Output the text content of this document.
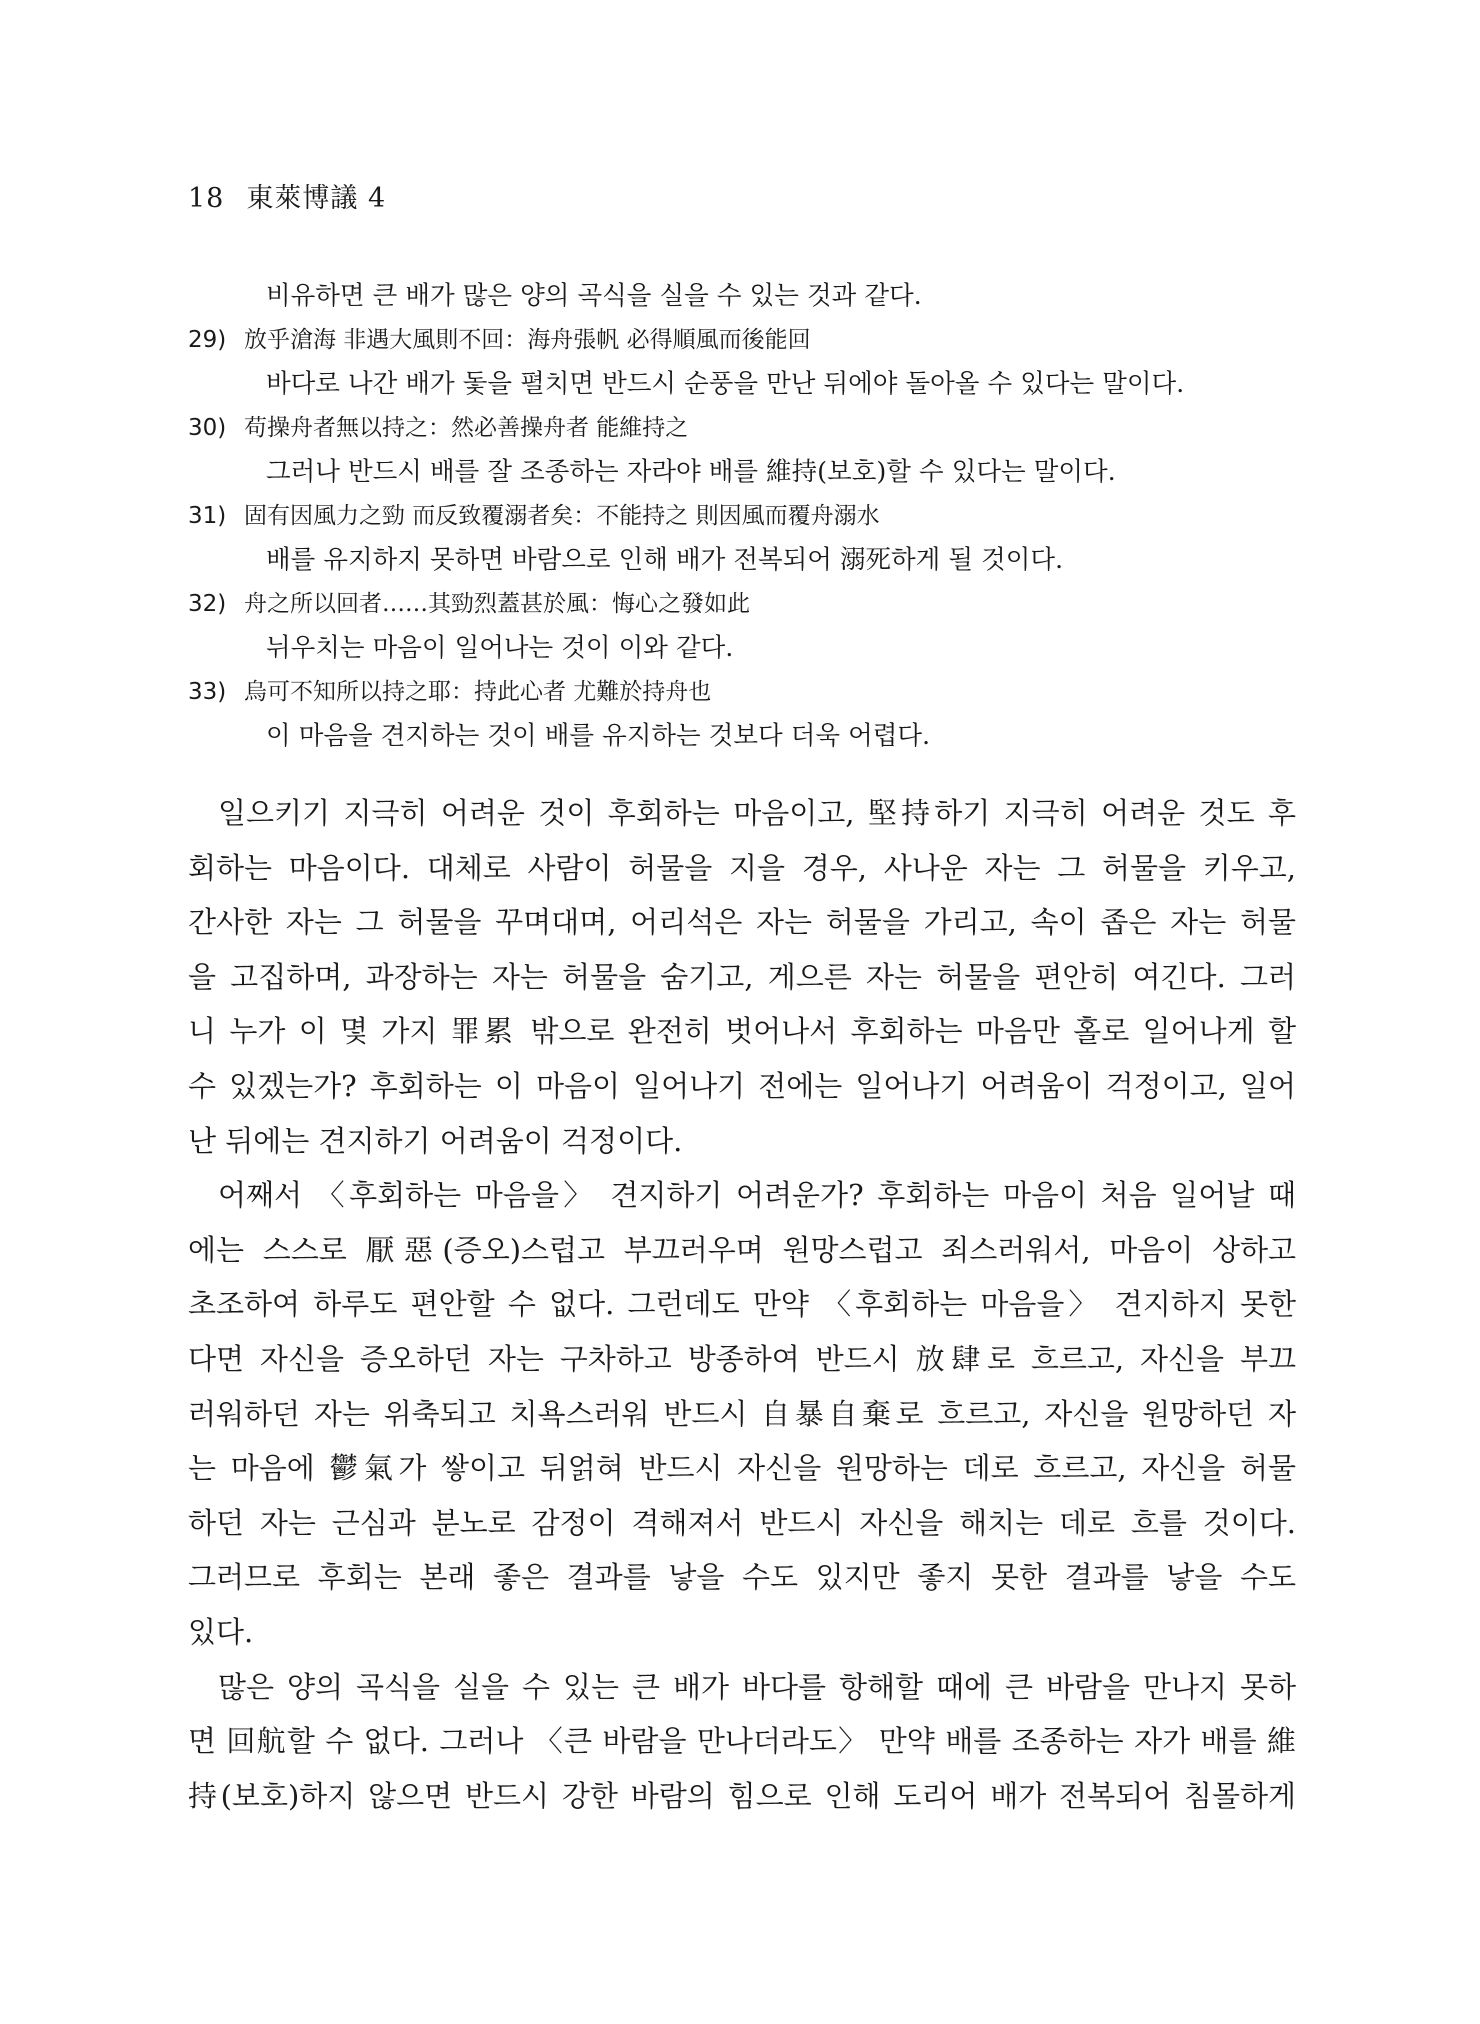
18 東萊博議 4
비유하면 큰 배가 많은 양의 곡식을 실을 수 있는 것과 같다.
29) 放乎滄海 非遇大風則不回：海舟張帆 必得順風而後能回
바다로 나간 배가 돛을 펼치면 반드시 순풍을 만난 뒤에야 돌아올 수 있다는 말이다.
30) 苟操舟者無以持之：然必善操舟者 能維持之
그러나 반드시 배를 잘 조종하는 자라야 배를 維持(보호)할 수 있다는 말이다.
31) 固有因風力之勁 而反致覆溺者矣：不能持之 則因風而覆舟溺水
배를 유지하지 못하면 바람으로 인해 배가 전복되어 溺死하게 될 것이다.
32) 舟之所以回者……其勁烈蓋甚於風：悔心之發如此
뉘우치는 마음이 일어나는 것이 이와 같다.
33) 烏可不知所以持之耶：持此心者 尤難於持舟也
이 마음을 견지하는 것이 배를 유지하는 것보다 더욱 어렵다.
일으키기 지극히 어려운 것이 후회하는 마음이고, 堅持하기 지극히 어려운 것도 후
회하는 마음이다. 대체로 사람이 허물을 지을 경우, 사나운 자는 그 허물을 키우고,
간사한 자는 그 허물을 꾸며대며, 어리석은 자는 허물을 가리고, 속이 좁은 자는 허물
을 고집하며, 과장하는 자는 허물을 숨기고, 게으른 자는 허물을 편안히 여긴다. 그러
니 누가 이 몇 가지 罪累 밖으로 완전히 벗어나서 후회하는 마음만 홀로 일어나게 할
수 있겠는가? 후회하는 이 마음이 일어나기 전에는 일어나기 어려움이 걱정이고, 일어
난 뒤에는 견지하기 어려움이 걱정이다.
어째서 〈후회하는 마음을〉 견지하기 어려운가? 후회하는 마음이 처음 일어날 때
에는 스스로 厭惡(증오)스럽고 부끄러우며 원망스럽고 죄스러워서, 마음이 상하고
초조하여 하루도 편안할 수 없다. 그런데도 만약 〈후회하는 마음을〉 견지하지 못한
다면 자신을 증오하던 자는 구차하고 방종하여 반드시 放肆로 흐르고, 자신을 부끄
러워하던 자는 위축되고 치욕스러워 반드시 自暴自棄로 흐르고, 자신을 원망하던 자
는 마음에 鬱氣가 쌓이고 뒤얽혀 반드시 자신을 원망하는 데로 흐르고, 자신을 허물
하던 자는 근심과 분노로 감정이 격해져서 반드시 자신을 해치는 데로 흐를 것이다.
그러므로 후회는 본래 좋은 결과를 낳을 수도 있지만 좋지 못한 결과를 낳을 수도
있다.
많은 양의 곡식을 실을 수 있는 큰 배가 바다를 항해할 때에 큰 바람을 만나지 못하
면 回航할 수 없다. 그러나 〈큰 바람을 만나더라도〉 만약 배를 조종하는 자가 배를 維
持(보호)하지 않으면 반드시 강한 바람의 힘으로 인해 도리어 배가 전복되어 침몰하게
